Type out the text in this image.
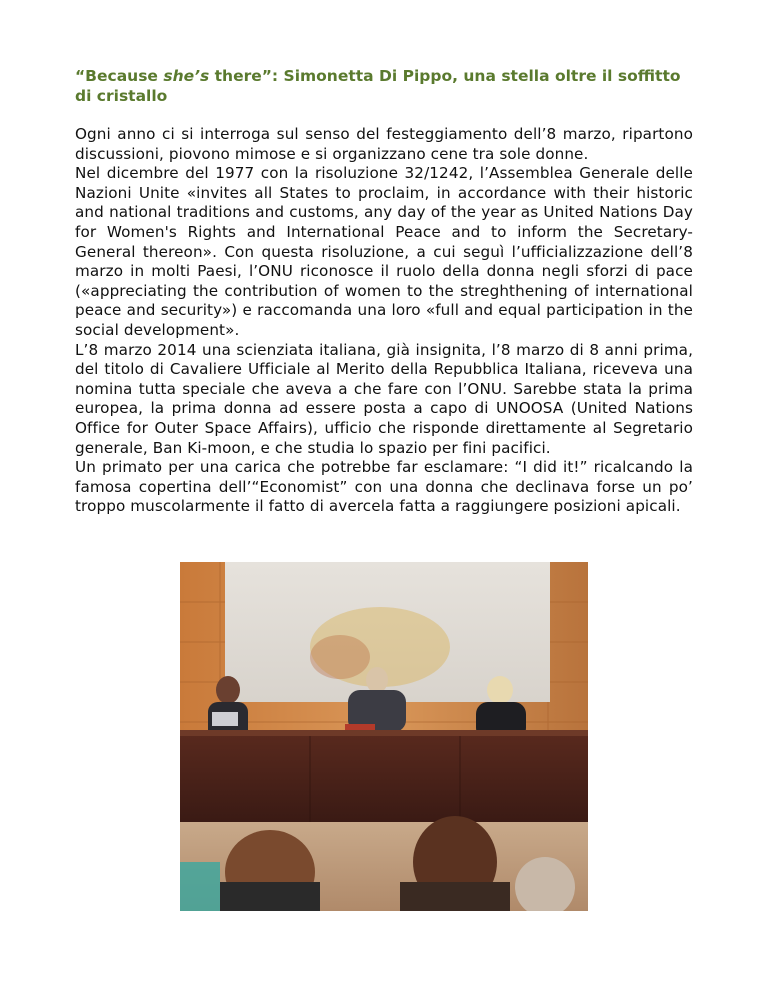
“Because she’s there”: Simonetta Di Pippo, una stella oltre il soffitto di cristallo

Ogni anno ci si interroga sul senso del festeggiamento dell’8 marzo, ripartono discussioni, piovono mimose e si organizzano cene tra sole donne.

Nel dicembre del 1977 con la risoluzione 32/1242, l’Assemblea Generale delle Nazioni Unite «invites all States to proclaim, in accordance with their historic and national traditions and customs, any day of the year as United Nations Day for Women's Rights and International Peace and to inform the Secretary-General thereon». Con questa risoluzione, a cui seguì l’ufficializzazione dell’8 marzo in molti Paesi, l’ONU riconosce il ruolo della donna negli sforzi di pace («appreciating the contribution of women to the streghthening of international peace and security») e raccomanda una loro «full and equal participation in the social development».

L’8 marzo 2014 una scienziata italiana, già insignita, l’8 marzo di 8 anni prima, del titolo di Cavaliere Ufficiale al Merito della Repubblica Italiana, riceveva una nomina tutta speciale che aveva a che fare con l’ONU. Sarebbe stata la prima europea, la prima donna ad essere posta a capo di UNOOSA (United Nations Office for Outer Space Affairs), ufficio che risponde direttamente al Segretario generale, Ban Ki-moon, e che studia lo spazio per fini pacifici.

Un primato per una carica che potrebbe far esclamare: “I did it!” ricalcando la famosa copertina dell’“Economist” con una donna che declinava forse un po’ troppo muscolarmente il fatto di avercela fatta a raggiungere posizioni apicali.
